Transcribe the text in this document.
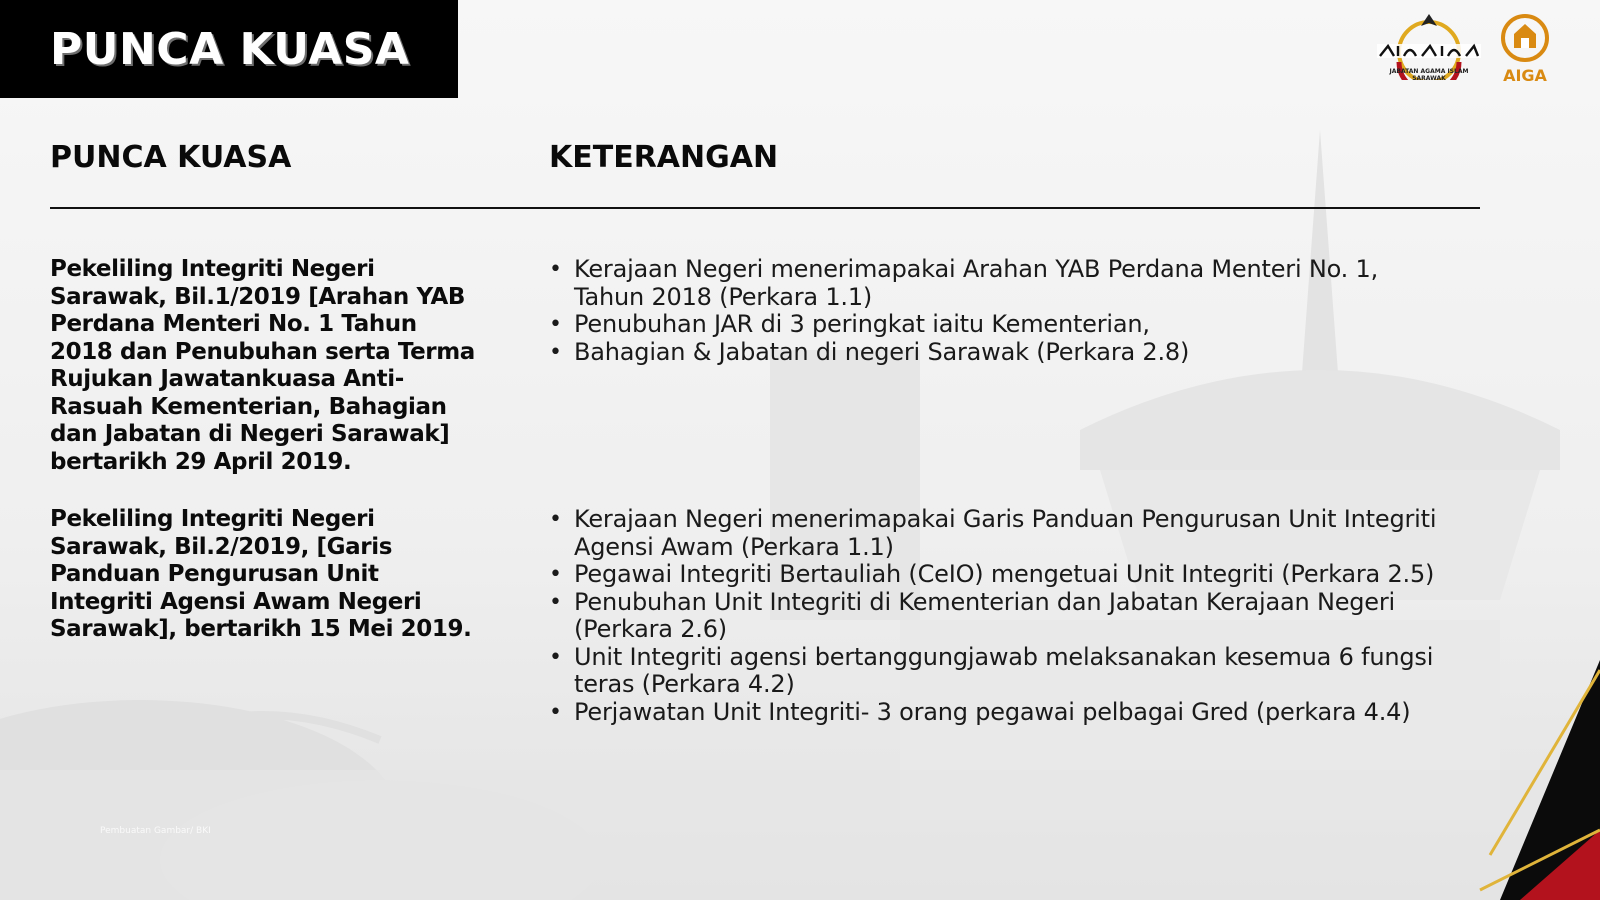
PUNCA KUASA	JABATAN AGAMA ISLAM SARAWAK	AIGA
PUNCA KUASA	KETERANGAN
Pekeliling Integriti Negeri Sarawak, Bil.1/2019 [Arahan YAB Perdana Menteri No. 1 Tahun 2018 dan Penubuhan serta Terma Rujukan Jawatankuasa Anti-Rasuah Kementerian, Bahagian dan Jabatan di Negeri Sarawak] bertarikh 29 April 2019.
• Kerajaan Negeri menerimapakai Arahan YAB Perdana Menteri No. 1, Tahun 2018 (Perkara 1.1)
• Penubuhan JAR di 3 peringkat iaitu Kementerian,
• Bahagian & Jabatan di negeri Sarawak (Perkara 2.8)
Pekeliling Integriti Negeri Sarawak, Bil.2/2019, [Garis Panduan Pengurusan Unit Integriti Agensi Awam Negeri Sarawak], bertarikh 15 Mei 2019.
• Kerajaan Negeri menerimapakai Garis Panduan Pengurusan Unit Integriti Agensi Awam (Perkara 1.1)
• Pegawai Integriti Bertauliah (CeIO) mengetuai Unit Integriti (Perkara 2.5)
• Penubuhan Unit Integriti di Kementerian dan Jabatan Kerajaan Negeri (Perkara 2.6)
• Unit Integriti agensi bertanggungjawab melaksanakan kesemua 6 fungsi teras (Perkara 4.2)
• Perjawatan Unit Integriti- 3 orang pegawai pelbagai Gred (perkara 4.4)
Pembuatan Gambar/ BKI
